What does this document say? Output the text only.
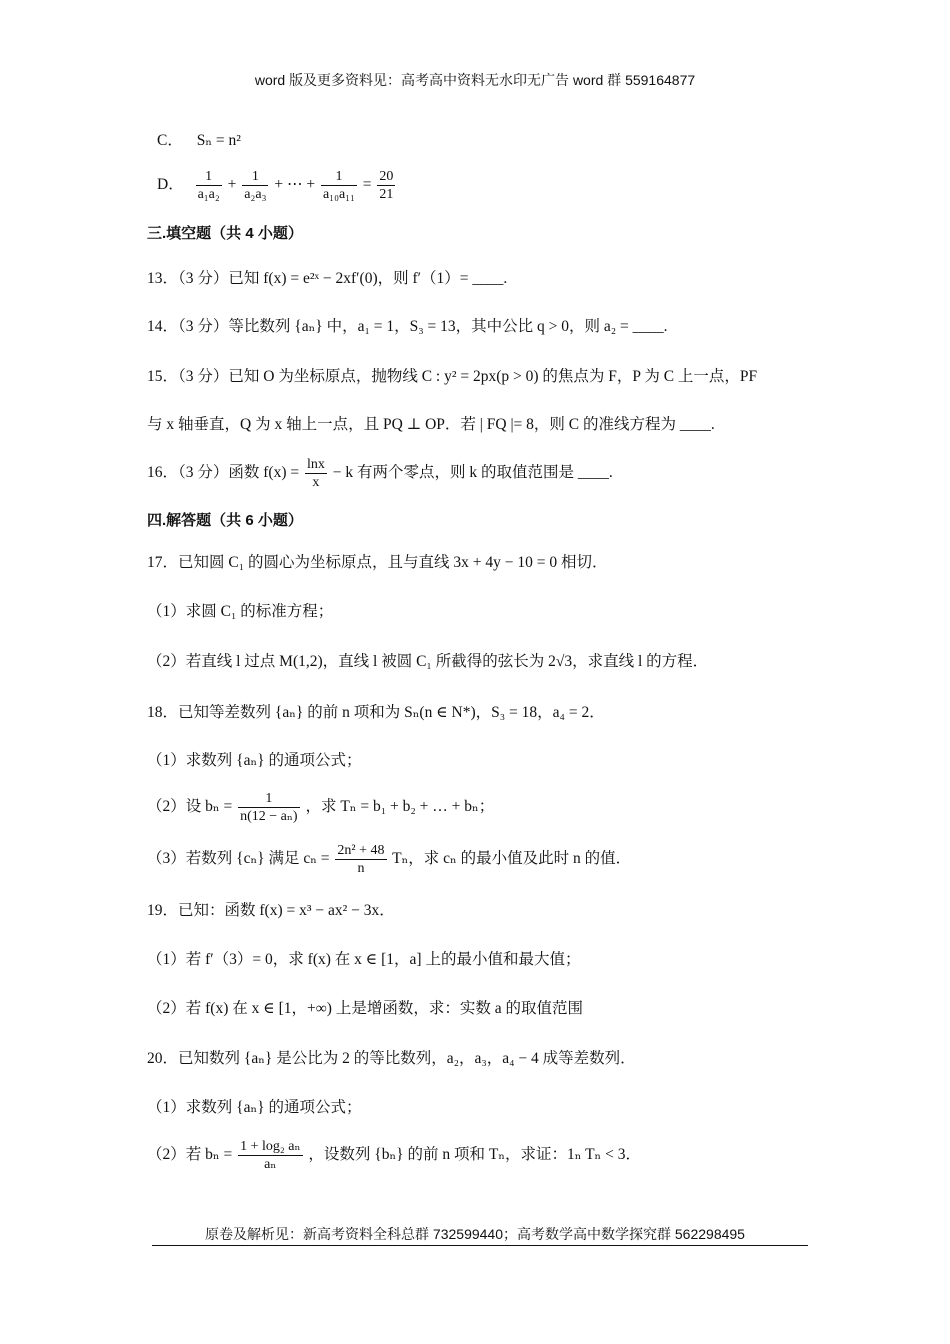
word 版及更多资料见：高考高中资料无水印无广告 word 群 559164877
C． Sₙ = n²
D． $\frac{1}{\text{a₁a₂}} + \frac{1}{\text{a₂a₃}}$ + ⋯ + $\frac{1}{\text{a₁₀a₁₁}} = \frac{20}{21}$
三.填空题（共 4 小题）
13．（3 分）已知 f(x) = e²ˣ − 2xf′(0)，则 f′（1）= ____.
14．（3 分）等比数列 {aₙ} 中，a₁ = 1，S₃ = 13，其中公比 q > 0，则 a₂ = ____.
15．（3 分）已知 O 为坐标原点，抛物线 C : y² = 2px(p > 0) 的焦点为 F，P 为 C 上一点，PF
与 x 轴垂直，Q 为 x 轴上一点，且 PQ ⊥ OP．若 | FQ |= 8，则 C 的准线方程为 ____.
16．（3 分）函数 $f(x) = \frac{\ln x}{x} - k$ 有两个零点，则 k 的取值范围是 ____.
四.解答题（共 6 小题）
17．已知圆 C₁ 的圆心为坐标原点，且与直线 3x + 4y − 10 = 0 相切．
（1）求圆 C₁ 的标准方程；
（2）若直线 l 过点 M(1,2)，直线 l 被圆 C₁ 所截得的弦长为 2√3，求直线 l 的方程．
18．已知等差数列 {aₙ} 的前 n 项和为 Sₙ(n ∈ N*)，S₃ = 18，a₄ = 2．
（1）求数列 {aₙ} 的通项公式；
（2）设 $b_n = \frac{1}{\text{n(12 − aₙ)}}$ ，求 Tₙ = b₁ + b₂ + … + bₙ；
（3）若数列 {cₙ} 满足 $c_n = \frac{\text{2n² + 48}}{n}$ Tₙ，求 cₙ 的最小值及此时 n 的值．
19．已知：函数 f(x) = x³ − ax² − 3x．
（1）若 f′（3）= 0，求 f(x) 在 x ∈ [1，a] 上的最小值和最大值；
（2）若 f(x) 在 x ∈ [1，+∞) 上是增函数，求：实数 a 的取值范围
20．已知数列 {aₙ} 是公比为 2 的等比数列，a₂，a₃，a₄ − 4 成等差数列．
（1）求数列 {aₙ} 的通项公式；
（2）若 $b_n = \frac{\text{1 + log₂ aₙ}}{\text{aₙ}}$ ，设数列 {bₙ} 的前 n 项和 Tₙ，求证：1ₙ Tₙ < 3．
原卷及解析见：新高考资料全科总群 732599440；高考数学高中数学探究群 562298495
